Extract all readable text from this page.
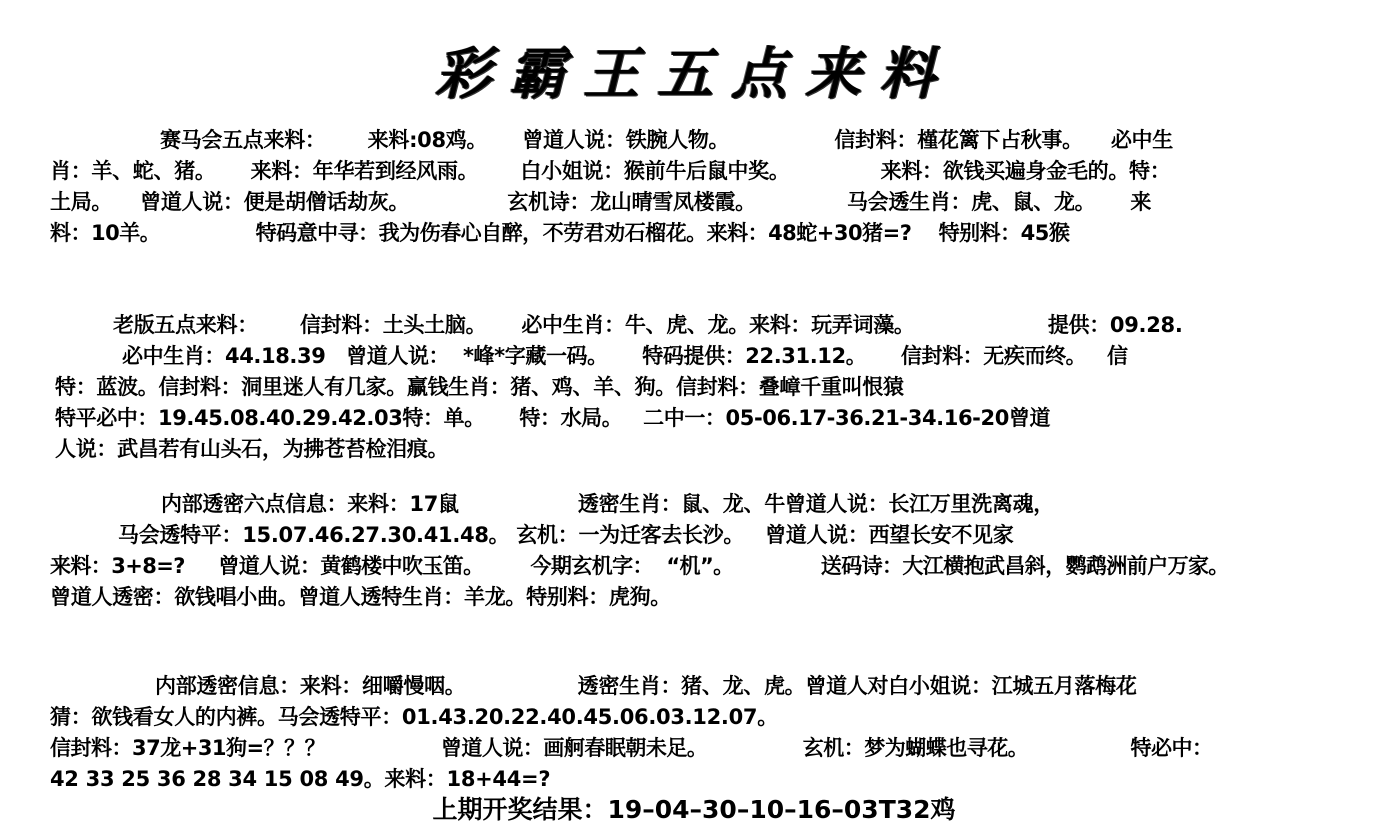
彩霸王五点来料
赛马会五点来料：      来料:08鸡。     曾道人说：铁腕人物。               信封料：槿花篱下占秋事。    必中生
肖：羊、蛇、猪。     来料：年华若到经风雨。      白小姐说：猴前牛后鼠中奖。             来料：欲钱买遍身金毛的。特：
土局。    曾道人说：便是胡僧话劫灰。              玄机诗：龙山晴雪凤楼霞。             马会透生肖：虎、鼠、龙。     来
料：10羊。              特码意中寻：我为伤春心自醉，不劳君劝石榴花。来料：48蛇+30猪=?    特别料：45猴
老版五点来料：      信封料：土头土脑。     必中生肖：牛、虎、龙。来料：玩弄词藻。                   提供：09.28.
必中生肖：44.18.39   曾道人说：  *峰*字藏一码。     特码提供：22.31.12。     信封料：无疾而终。   信
特：蓝波。信封料：洞里迷人有几家。赢钱生肖：猪、鸡、羊、狗。信封料：叠嶂千重叫恨猿
特平必中：19.45.08.40.29.42.03特：单。     特：水局。   二中一：05-06.17-36.21-34.16-20曾道
人说：武昌若有山头石，为拂苍苔检泪痕。
内部透密六点信息：来料：17鼠                 透密生肖：鼠、龙、牛曾道人说：长江万里洗离魂，
马会透特平：15.07.46.27.30.41.48。 玄机：一为迁客去长沙。   曾道人说：西望长安不见家
来料：3+8=?     曾道人说：黄鹤楼中吹玉笛。       今期玄机字：  “机”。             送码诗：大江横抱武昌斜，鹦鹉洲前户万家。
曾道人透密：欲钱唱小曲。曾道人透特生肖：羊龙。特别料：虎狗。
内部透密信息：来料：细嚼慢咽。                透密生肖：猪、龙、虎。曾道人对白小姐说：江城五月落梅花
猜：欲钱看女人的内裤。马会透特平：01.43.20.22.40.45.06.03.12.07。
信封料：37龙+31狗=？？？                 曾道人说：画舸春眠朝未足。              玄机：梦为蝴蝶也寻花。               特必中：
42 33 25 36 28 34 15 08 49。来料：18+44=?
上期开奖结果：19–04–30–10–16–03T32鸡
